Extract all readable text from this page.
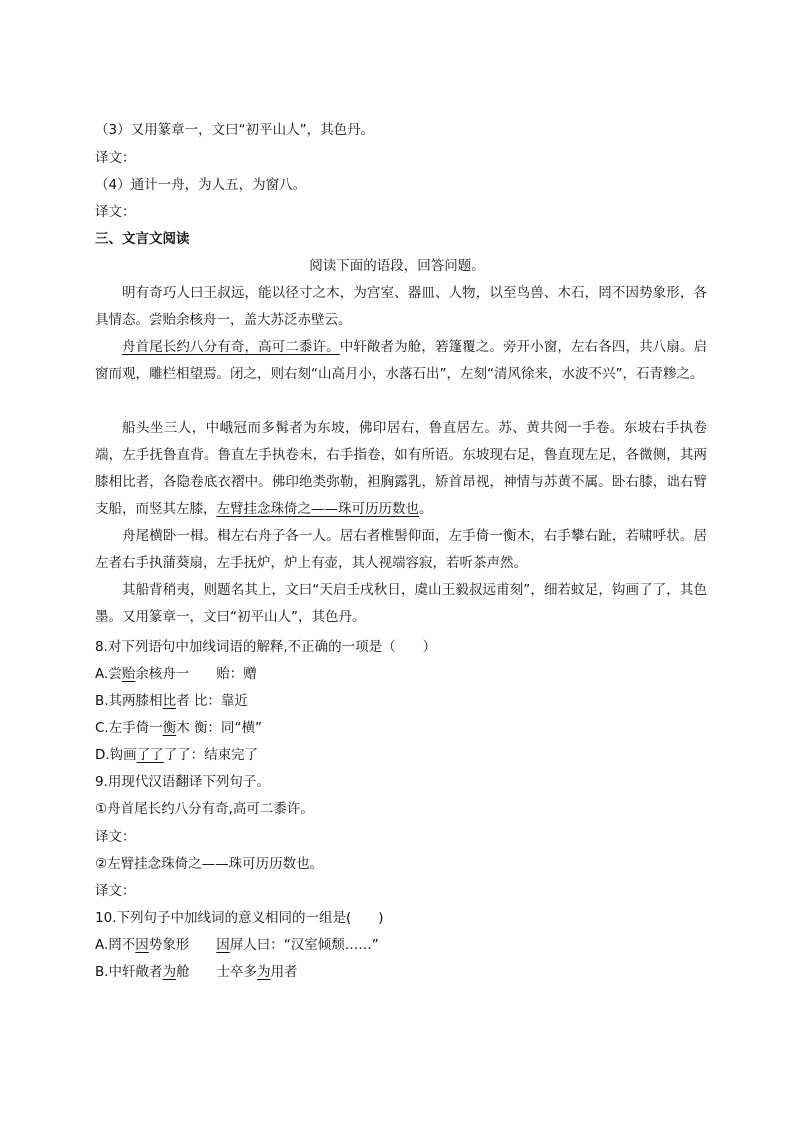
（3）又用篆章一，文曰“初平山人”，其色丹。
译文：
（4）通计一舟，为人五，为窗八。
译文：
三、文言文阅读
阅读下面的语段，回答问题。
明有奇巧人曰王叔远，能以径寸之木，为宫室、器皿、人物，以至鸟兽、木石，罔不因势象形，各具情态。尝贻余核舟一，盖大苏泛赤壁云。
舟首尾长约八分有奇，高可二黍许。中轩敞者为舱，箬篷覆之。旁开小窗，左右各四，共八扇。启窗而观，雕栏相望焉。闭之，则右刻“山高月小，水落石出”，左刻“清风徐来，水波不兴”，石青糁之。
船头坐三人，中峨冠而多髯者为东坡，佛印居右，鲁直居左。苏、黄共阅一手卷。东坡右手执卷端，左手抚鲁直背。鲁直左手执卷末，右手指卷，如有所语。东坡现右足，鲁直现左足，各微侧，其两膝相比者，各隐卷底衣褶中。佛印绝类弥勒，袒胸露乳，矫首昂视，神情与苏黄不属。卧右膝，诎右臂支船，而竖其左膝，左臂挂念珠倚之——珠可历历数也。
舟尾横卧一楫。楫左右舟子各一人。居右者椎髻仰面，左手倚一衡木，右手攀右趾，若啸呼状。居左者右手执蒲葵扇，左手抚炉，炉上有壶，其人视端容寂，若听茶声然。
其船背稍夷，则题名其上，文曰“天启壬戌秋日，虞山王毅叔远甫刻”，细若蚊足，钩画了了，其色墨。又用篆章一，文曰“初平山人”，其色丹。
8.对下列语句中加线词语的解释,不正确的一项是（　　）
A.尝贻余核舟一　　贻：赠
B.其两膝相比者 比：靠近
C.左手倚一衡木 衡：同“横”
D.钩画了了了了：结束完了
9.用现代汉语翻译下列句子。
①舟首尾长约八分有奇,高可二黍许。
译文：
②左臂挂念珠倚之——珠可历历数也。
译文：
10.下列句子中加线词的意义相同的一组是(　　)
A.罔不因势象形　　因屏人曰：“汉室倾颓……”
B.中轩敞者为舱　　士卒多为用者
